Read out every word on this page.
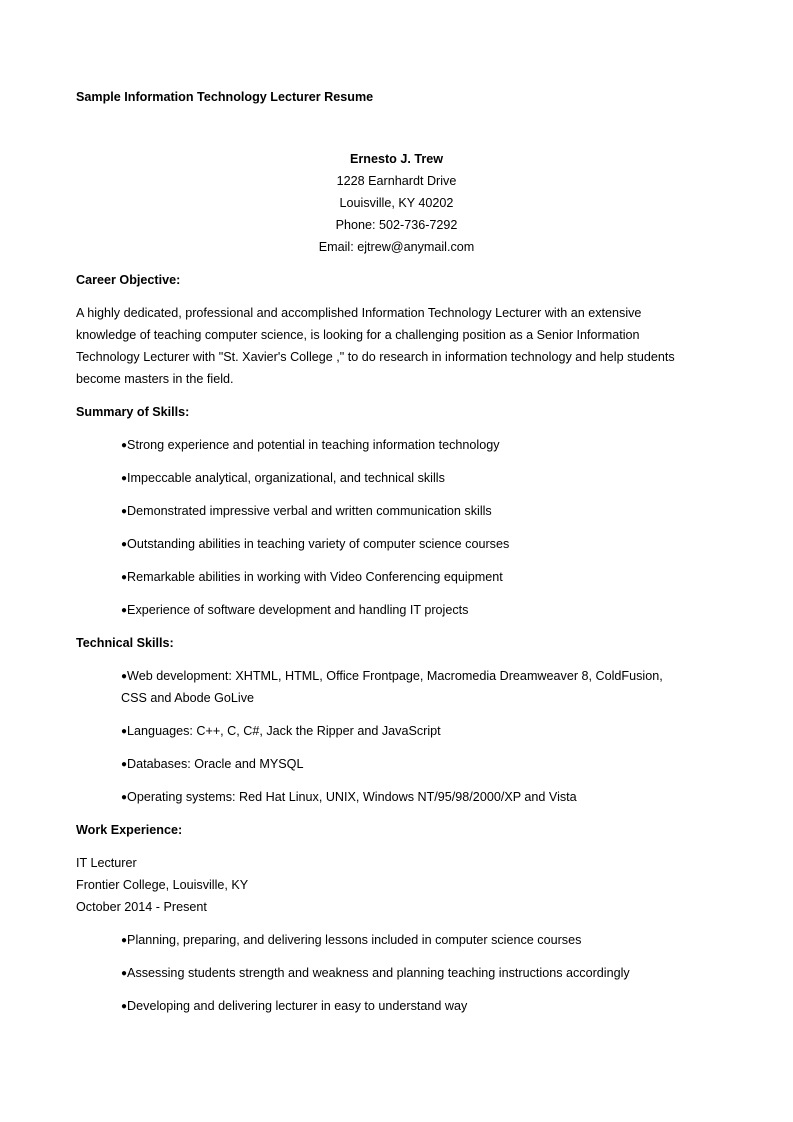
Sample Information Technology Lecturer Resume
Ernesto J. Trew
1228 Earnhardt Drive
Louisville, KY 40202
Phone: 502-736-7292
Email: ejtrew@anymail.com
Career Objective:
A highly dedicated, professional and accomplished Information Technology Lecturer with an extensive
knowledge of teaching computer science, is looking for a challenging position as a Senior Information
Technology Lecturer with "St. Xavier's College ," to do research in information technology and help students
become masters in the field.
Summary of Skills:
●Strong experience and potential in teaching information technology
●Impeccable analytical, organizational, and technical skills
●Demonstrated impressive verbal and written communication skills
●Outstanding abilities in teaching variety of computer science courses
●Remarkable abilities in working with Video Conferencing equipment
●Experience of software development and handling IT projects
Technical Skills:
●Web development: XHTML, HTML, Office Frontpage, Macromedia Dreamweaver 8, ColdFusion,
CSS and Abode GoLive
●Languages: C++, C, C#, Jack the Ripper and JavaScript
●Databases: Oracle and MYSQL
●Operating systems: Red Hat Linux, UNIX, Windows NT/95/98/2000/XP and Vista
Work Experience:
IT Lecturer
Frontier College, Louisville, KY
October 2014 - Present
●Planning, preparing, and delivering lessons included in computer science courses
●Assessing students strength and weakness and planning teaching instructions accordingly
●Developing and delivering lecturer in easy to understand way
